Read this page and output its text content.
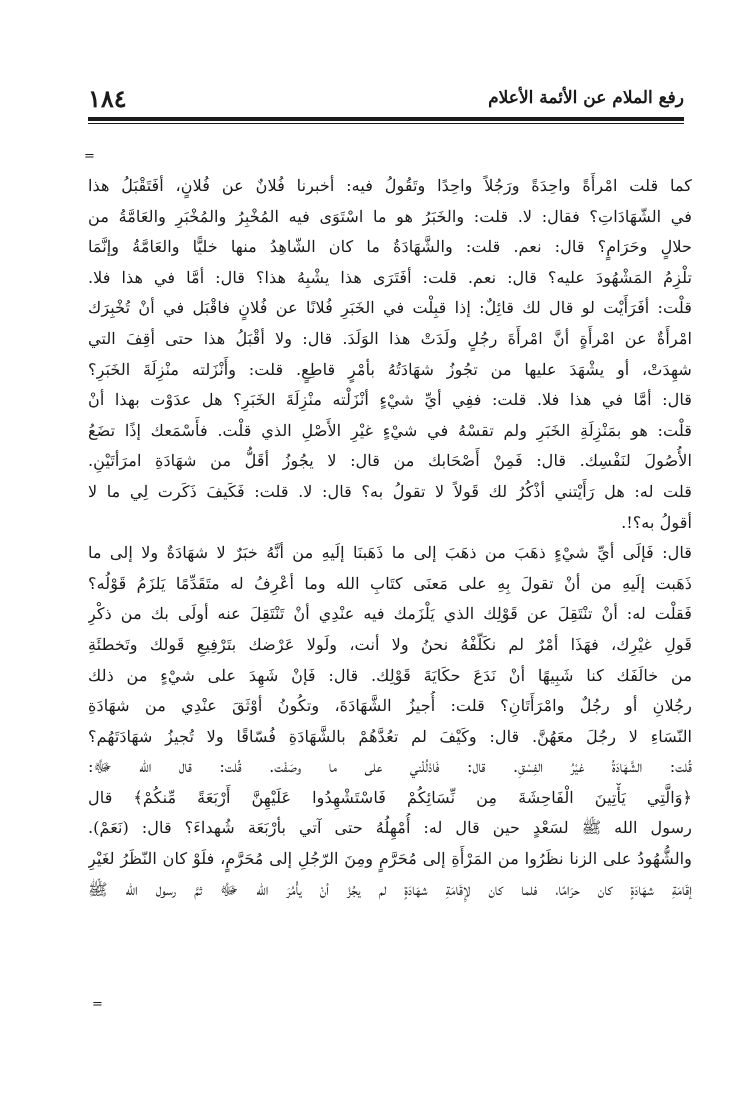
١٨٤	رفع الملام عن الأئمة الأعلام
=
كما قلت امْرأَةً واحِدَةً ورَجُلاً واحِدًا وتَقُولُ فيه: أخبرنا فُلانٌ عن فُلانٍ، أفَتَقْبَلُ هذا
في الشّهَادَاتِ؟ فقال: لا. قلت: والخَبَرُ هو ما اسْتَوَى فيه المُخْبِرُ والمُخْبَرِ والعَامَّةُ من
حلالٍ وحَرَامٍ؟ قال: نعم. قلت: والشَّهَادَةُ ما كان الشّاهِدُ منها خليًّا والعَامَّةُ وإنَّمَا
تلْزِمُ المَشْهُودَ عليه؟ قال: نعم. قلت: أفَتَرَى هذا يشْبِهُ هذا؟ قال: أمَّا في هذا فلا.
قلْت: أفَرَأَيْت لو قال لك قائِلٌ: إذا قبِلْت في الخَبَرِ فُلانًا عن فُلانٍ فاقْبَل في أنْ تُخْبِرَك
امْرأَةٌ عن امْرأَةٍ أنَّ امْرأَةَ رجُلٍ ولَدَتْ هذا الوَلَدَ. قال: ولا أقْبَلُ هذا حتى أقِفَ التي
شهِدَتْ، أو يشْهَدَ عليها من تجُوزُ شهَادَتُهُ بأمْرٍ قاطِعٍ. قلت: وأَنْزَلته منْزِلَةَ الخَبَرِ؟
قال: أمَّا في هذا فلا. قلت: ففِي أيِّ شيْءٍ أنْزَلْته منْزِلَةَ الخَبَرِ؟ هل عدَوْت بهذا أنْ
قلْت: هو بمَنْزِلَةِ الخَبَرِ ولم تقسْهُ في شيْءٍ غيْرِ الأَصْلِ الذي قلْت. فأَسْمَعك إذًا تضَعُ
الأُصُولَ لنَفْسِك. قال: فَمِنْ أَصْحَابك من قال: لا يجُوزُ أقَلُّ من شهَادَةِ امرَأتَيْنِ.
قلت له: هل رَأَيْتني أذْكُرُ لك قَولاً لا تقولُ به؟ قال: لا. قلت: فَكَيفَ ذَكَرت لِي ما لا
أقولُ به؟!.
قال: فَإلَى أيِّ شيْءٍ ذهَبَ من ذهَبَ إلى ما ذَهَبنَا إلَيهِ من أنَّهُ خبَرٌ لا شهَادَةٌ ولا إلى ما
ذَهَبت إلَيهِ من أنْ تقولَ بِهِ على مَعنَى كتَابِ الله وما أعْرِفُ له متَقَدِّمًا يَلزَمُ قَوْلُه؟
فَقلْت له: أنْ تنْتَقِلَ عن قَوْلِك الذي يَلْزَمك فيه عنْدِي أنْ تَنْتَقِلَ عنه أولَى بك من ذكْرِ
قَولِ غيْرِك، فهَذَا أمْرٌ لم نكَلّفْهُ نحنُ ولا أنت، ولَولا عَرْضك بتَرْفِيعِ قَولك وتَخطئَةِ
من خالَفَك كنا شَبِيهًا أنْ نَدَعَ حكَايَةَ قَوْلِك. قال: فَإنْ شَهِدَ على شيْءٍ من ذلك
رجُلانِ أو رجُلٌ وامْرَأَتَانِ؟ قلت: أُجيزُ الشَّهَادَةَ، وتكُونُ أوْثَقَ عنْدِي من شهَادَةِ
النّسَاءِ لا رجُلَ معَهُنَّ. قال: وكَيْفَ لم تعُدَّهُمْ بالشَّهَادَةِ فُسّاقًا ولا تُجيزُ شهَادَتَهُم؟
قُلت: الشَّهَادَةُ غيْرُ الفِسْقِ. قال: فَادْلُلْني على ما وصَفْت. قُلت: قال الله ﷻ:
﴿وَالَّتِي يَأْتِينَ الْفَاحِشَةَ مِن نِّسَائِكُمْ فَاسْتَشْهِدُوا عَلَيْهِنَّ أَرْبَعَةً مِّنكُمْ﴾ قال
رسول الله ﷺ لسَعْدٍ حين قال له: أُمْهِلُهُ حتى آتي بأرْبَعَة شُهداءَ؟ قال: (نَعَمْ).
والشُّهُودُ على الزنا نظَرُوا من المَرْأَةِ إلى مُحَرَّمٍ ومِنَ الرّجُلِ إلى مُحَرَّمٍ، فلَوْ كان النّظَرُ لغَيْرِ
إقَامَةِ شهَادَةٍ كان حرَامًا، فلما كان لإِقَامَةِ شهَادَةٍ لم يجُزْ أنْ يأْمُرَ الله ﷻ ثمَّ رسول الله ﷺ
=
